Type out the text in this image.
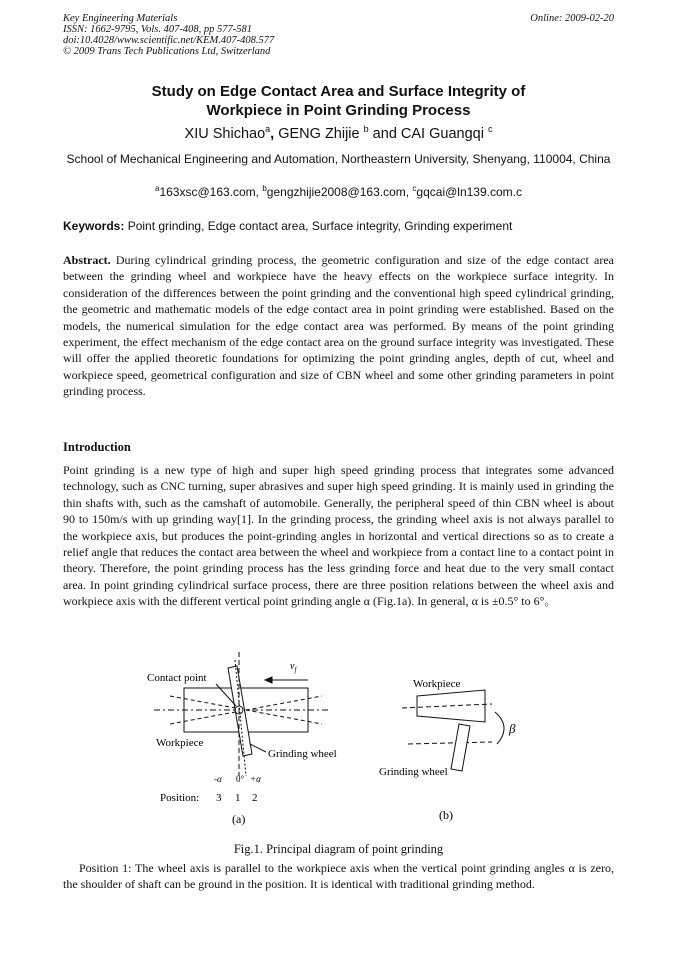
Key Engineering Materials
ISSN: 1662-9795, Vols. 407-408, pp 577-581
doi:10.4028/www.scientific.net/KEM.407-408.577
© 2009 Trans Tech Publications Ltd, Switzerland
Online: 2009-02-20
Study on Edge Contact Area and Surface Integrity of
Workpiece in Point Grinding Process
XIU Shichao$^a$, GENG Zhijie $^b$ and CAI Guangqi $^c$
School of Mechanical Engineering and Automation, Northeastern University, Shenyang, 110004, China
$^a$163xsc@163.com, $^b$gengzhijie2008@163.com, $^c$gqcai@ln139.com.c
Keywords: Point grinding, Edge contact area, Surface integrity, Grinding experiment
Abstract. During cylindrical grinding process, the geometric configuration and size of the edge contact area between the grinding wheel and workpiece have the heavy effects on the workpiece surface integrity. In consideration of the differences between the point grinding and the conventional high speed cylindrical grinding, the geometric and mathematic models of the edge contact area in point grinding were established. Based on the models, the numerical simulation for the edge contact area was performed. By means of the point grinding experiment, the effect mechanism of the edge contact area on the ground surface integrity was investigated. These will offer the applied theoretic foundations for optimizing the point grinding angles, depth of cut, wheel and workpiece speed, geometrical configuration and size of CBN wheel and some other grinding parameters in point grinding process.
Introduction
Point grinding is a new type of high and super high speed grinding process that integrates some advanced technology, such as CNC turning, super abrasives and super high speed grinding. It is mainly used in grinding the thin shafts with, such as the camshaft of automobile. Generally, the peripheral speed of thin CBN wheel is about 90 to 150m/s with up grinding way[1]. In the grinding process, the grinding wheel axis is not always parallel to the workpiece axis, but produces the point-grinding angles in horizontal and vertical directions so as to create a relief angle that reduces the contact area between the wheel and workpiece from a contact line to a contact point in theory. Therefore, the point grinding process has the less grinding force and heat due to the very small contact area. In point grinding cylindrical surface process, there are three position relations between the wheel axis and workpiece axis with the different vertical point grinding angle α (Fig.1a). In general, α is ±0.5° to 6°。
$v_f$
Contact point
Workpiece
Grinding wheel
-α 0° +α
Position: 3 1 2
(a)
Workpiece
β
Grinding wheel
(b)
Fig.1. Principal diagram of point grinding
Position 1: The wheel axis is parallel to the workpiece axis when the vertical point grinding angles α is zero, the shoulder of shaft can be ground in the position. It is identical with traditional grinding method.
